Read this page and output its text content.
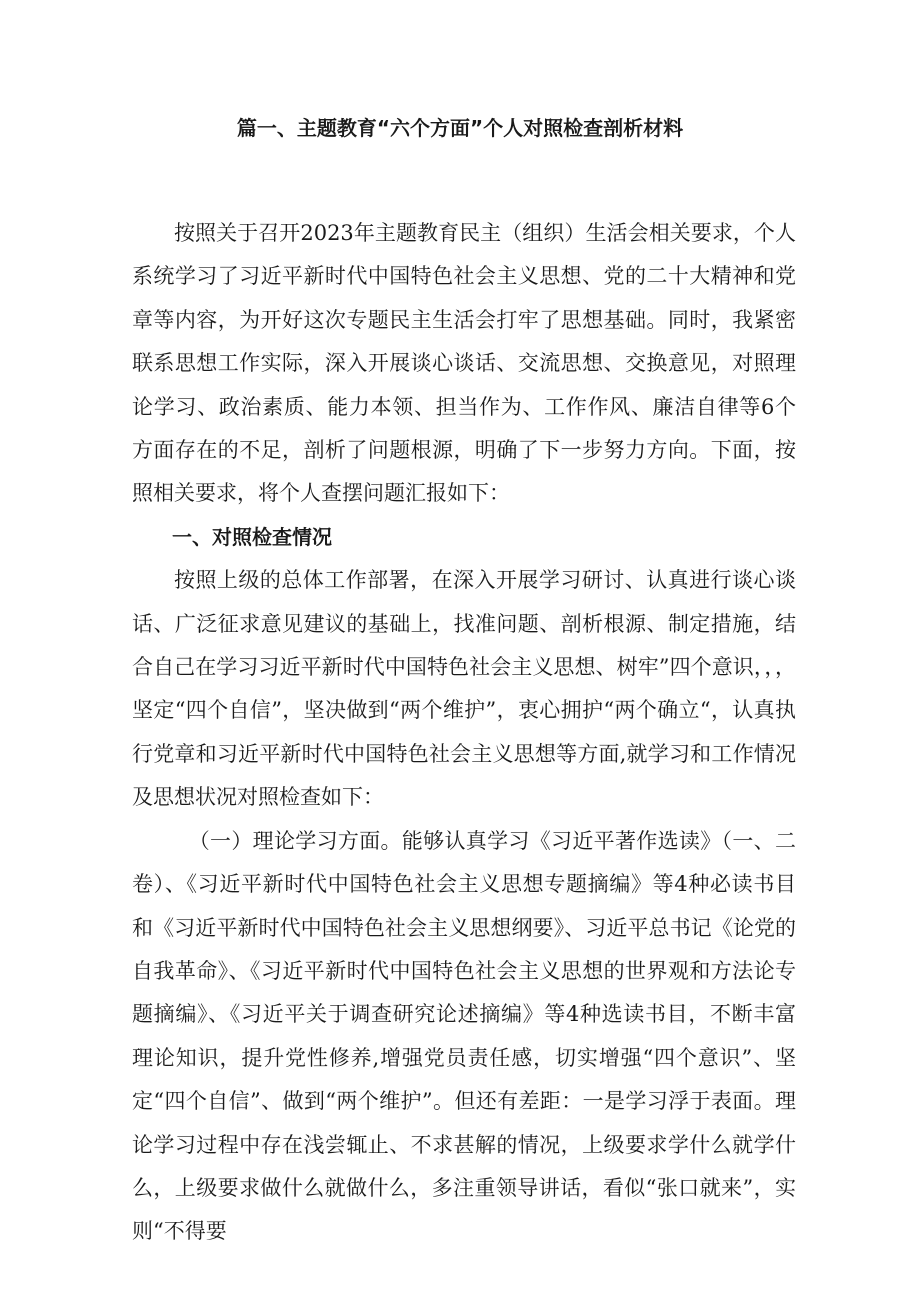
篇一、主题教育“六个方面”个人对照检查剖析材料

按照关于召开2023年主题教育民主（组织）生活会相关要求，个人系统学习了习近平新时代中国特色社会主义思想、党的二十大精神和党章等内容，为开好这次专题民主生活会打牢了思想基础。同时，我紧密联系思想工作实际，深入开展谈心谈话、交流思想、交换意见，对照理论学习、政治素质、能力本领、担当作为、工作作风、廉洁自律等6个方面存在的不足，剖析了问题根源，明确了下一步努力方向。下面，按照相关要求，将个人查摆问题汇报如下：

一、对照检查情况

按照上级的总体工作部署，在深入开展学习研讨、认真进行谈心谈话、广泛征求意见建议的基础上，找准问题、剖析根源、制定措施，结合自己在学习习近平新时代中国特色社会主义思想、树牢”四个意识，，，坚定“四个自信”，坚决做到“两个维护”，衷心拥护“两个确立“，认真执行党章和习近平新时代中国特色社会主义思想等方面,就学习和工作情况及思想状况对照检查如下：

（一）理论学习方面。能够认真学习《习近平著作选读》（一、二卷）、《习近平新时代中国特色社会主义思想专题摘编》等4种必读书目和《习近平新时代中国特色社会主义思想纲要》、习近平总书记《论党的自我革命》、《习近平新时代中国特色社会主义思想的世界观和方法论专题摘编》、《习近平关于调查研究论述摘编》等4种选读书目，不断丰富理论知识，提升党性修养,增强党员责任感，切实增强“四个意识”、坚定“四个自信”、做到“两个维护”。但还有差距：一是学习浮于表面。理论学习过程中存在浅尝辄止、不求甚解的情况，上级要求学什么就学什么，上级要求做什么就做什么，多注重领导讲话，看似“张口就来”，实则“不得要
